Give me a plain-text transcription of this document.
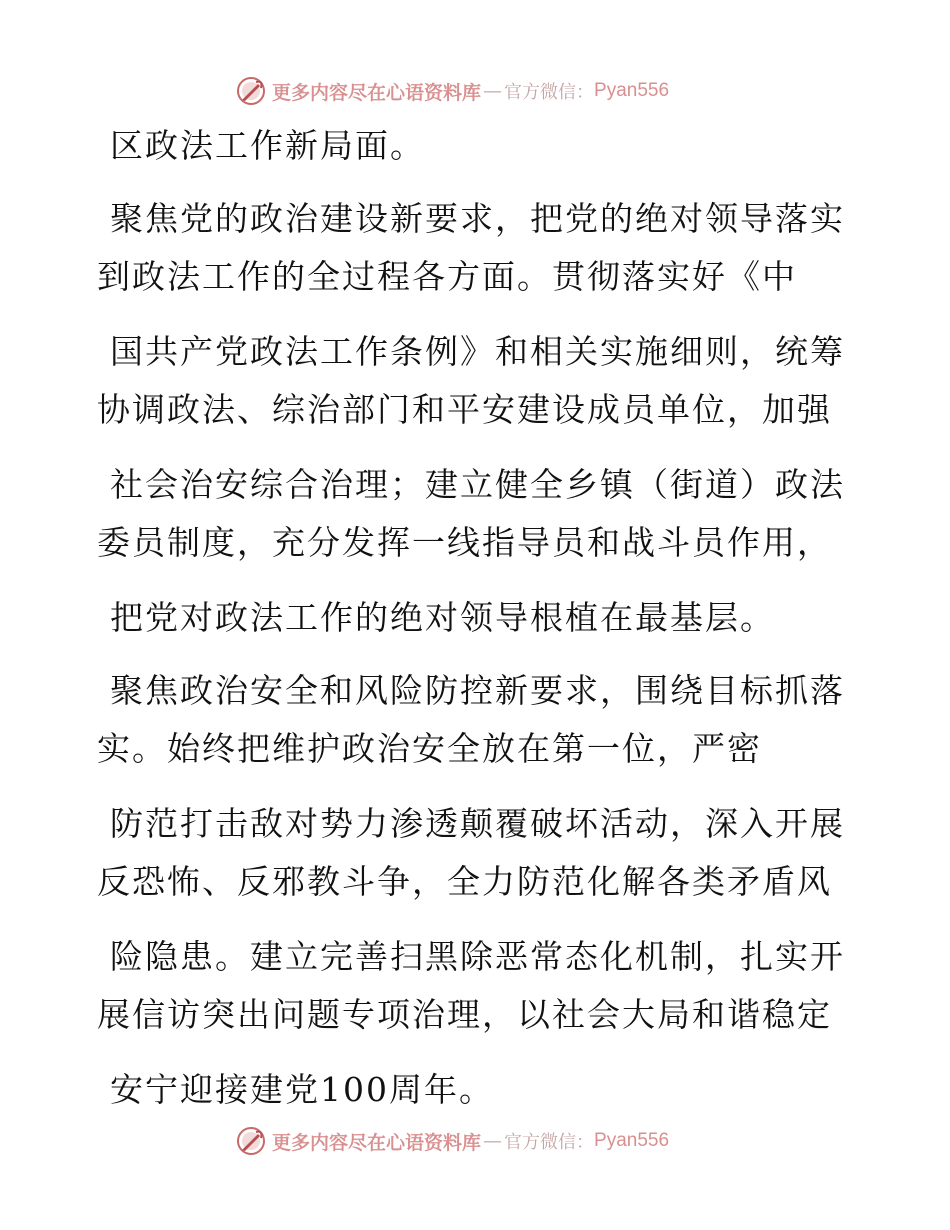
更多内容尽在心语资料库 — 官方微信： Pyan556
区政法工作新局面。
聚焦党的政治建设新要求，把党的绝对领导落实
到政法工作的全过程各方面。贯彻落实好《中
国共产党政法工作条例》和相关实施细则，统筹
协调政法、综治部门和平安建设成员单位，加强
社会治安综合治理；建立健全乡镇（街道）政法
委员制度，充分发挥一线指导员和战斗员作用，
把党对政法工作的绝对领导根植在最基层。
聚焦政治安全和风险防控新要求，围绕目标抓落
实。始终把维护政治安全放在第一位，严密
防范打击敌对势力渗透颠覆破坏活动，深入开展
反恐怖、反邪教斗争，全力防范化解各类矛盾风
险隐患。建立完善扫黑除恶常态化机制，扎实开
展信访突出问题专项治理，以社会大局和谐稳定
安宁迎接建党100周年。
更多内容尽在心语资料库 — 官方微信： Pyan556
